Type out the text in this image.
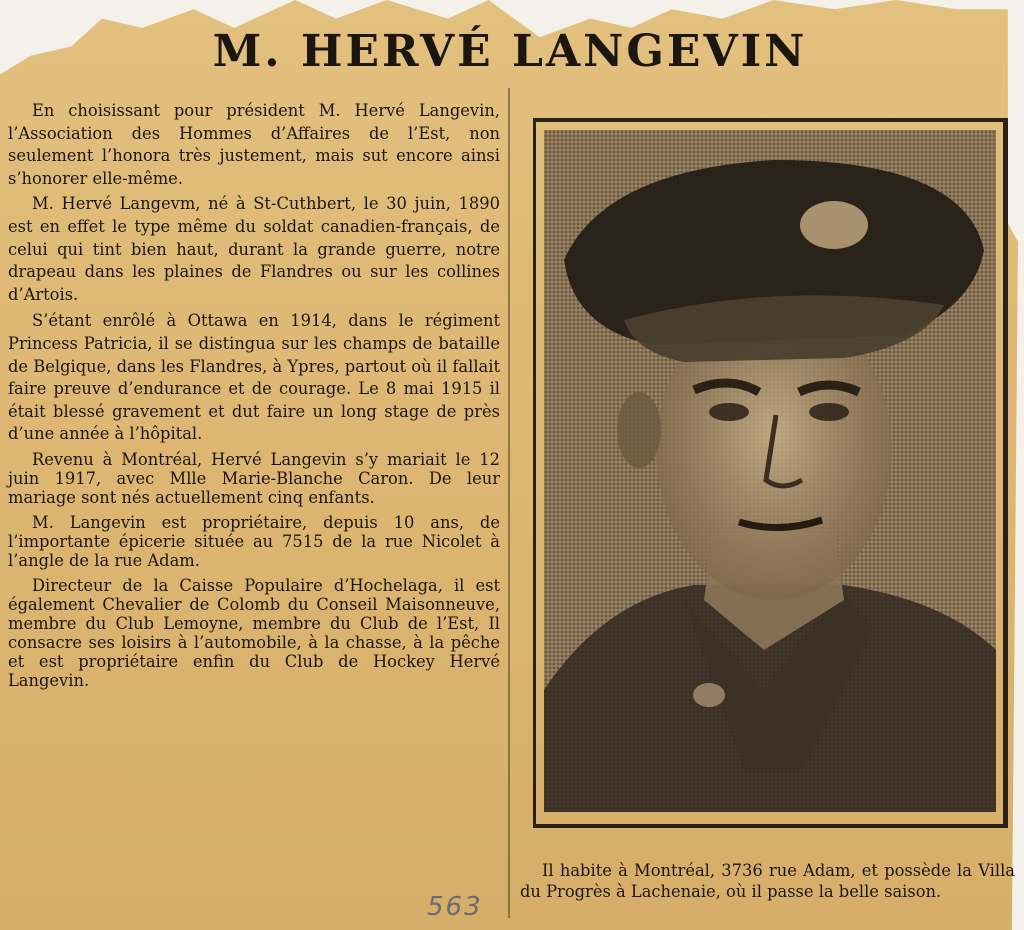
M. HERVÉ LANGEVIN

En choisissant pour président M. Hervé Langevin, l’Association des Hommes d’Affaires de l’Est, non seulement l’honora très justement, mais sut encore ainsi s’honorer elle-même.

M. Hervé Langevm, né à St-Cuthbert, le 30 juin, 1890 est en effet le type même du soldat canadien-français, de celui qui tint bien haut, durant la grande guerre, notre drapeau dans les plaines de Flandres ou sur les collines d’Artois.

S’étant enrôlé à Ottawa en 1914, dans le régiment Princess Patricia, il se distingua sur les champs de bataille de Belgique, dans les Flandres, à Ypres, partout où il fallait faire preuve d’endurance et de courage. Le 8 mai 1915 il était blessé gravement et dut faire un long stage de près d’une année à l’hôpital.

Revenu à Montréal, Hervé Langevin s’y mariait le 12 juin 1917, avec Mlle Marie-Blanche Caron. De leur mariage sont nés actuellement cinq enfants.

M. Langevin est propriétaire, depuis 10 ans, de l’importante épicerie située au 7515 de la rue Nicolet à l’angle de la rue Adam.

Directeur de la Caisse Populaire d’Hochelaga, il est également Chevalier de Colomb du Conseil Maisonneuve, membre du Club Lemoyne, membre du Club de l’Est, Il consacre ses loisirs à l’automobile, à la chasse, à la pêche et est propriétaire enfin du Club de Hockey Hervé Langevin.

Il habite à Montréal, 3736 rue Adam, et possède la Villa du Progrès à Lachenaie, où il passe la belle saison.
563
